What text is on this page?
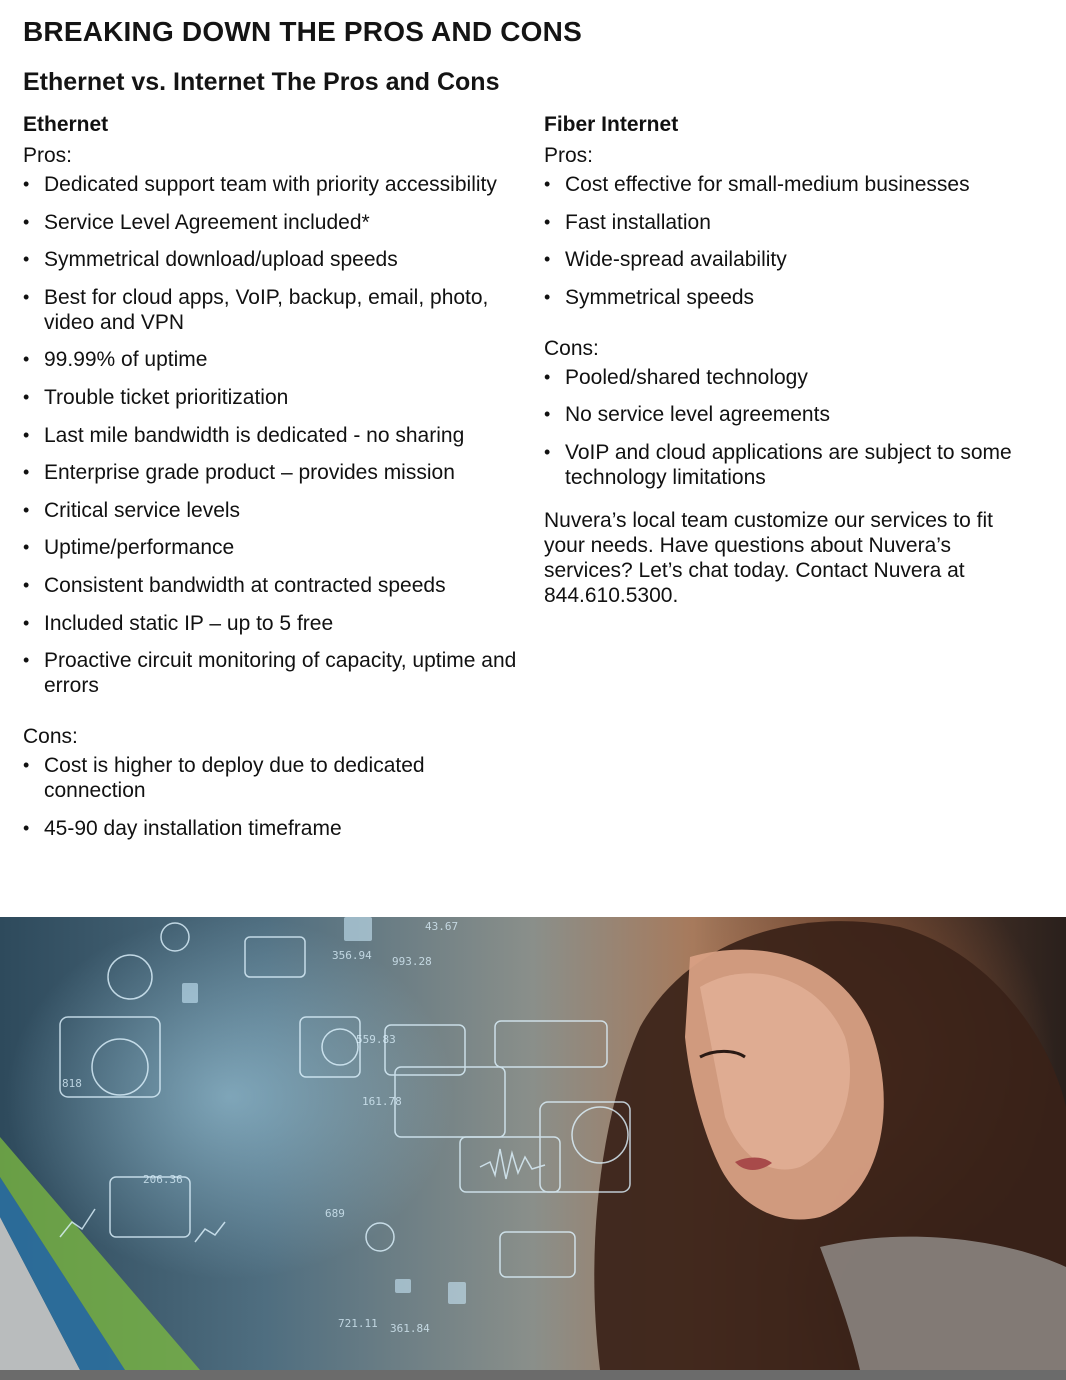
BREAKING DOWN THE PROS AND CONS
Ethernet vs. Internet The Pros and Cons
Ethernet
Pros:
• Dedicated support team with priority accessibility
• Service Level Agreement included*
• Symmetrical download/upload speeds
• Best for cloud apps, VoIP, backup, email, photo, video and VPN
• 99.99% of uptime
• Trouble ticket prioritization
• Last mile bandwidth is dedicated - no sharing
• Enterprise grade product – provides mission
• Critical service levels
• Uptime/performance
• Consistent bandwidth at contracted speeds
• Included static IP – up to 5 free
• Proactive circuit monitoring of capacity, uptime and errors
Cons:
• Cost is higher to deploy due to dedicated connection
• 45-90 day installation timeframe
Fiber Internet
Pros:
• Cost effective for small-medium businesses
• Fast installation
• Wide-spread availability
• Symmetrical speeds
Cons:
• Pooled/shared technology
• No service level agreements
• VoIP and cloud applications are subject to some technology limitations

Nuvera’s local team customize our services to fit your needs. Have questions about Nuvera’s services? Let’s chat today. Contact Nuvera at 844.610.5300.

43.67
356.94 993.28
559.83
818
161.78
206.36
689
721.11 361.84
